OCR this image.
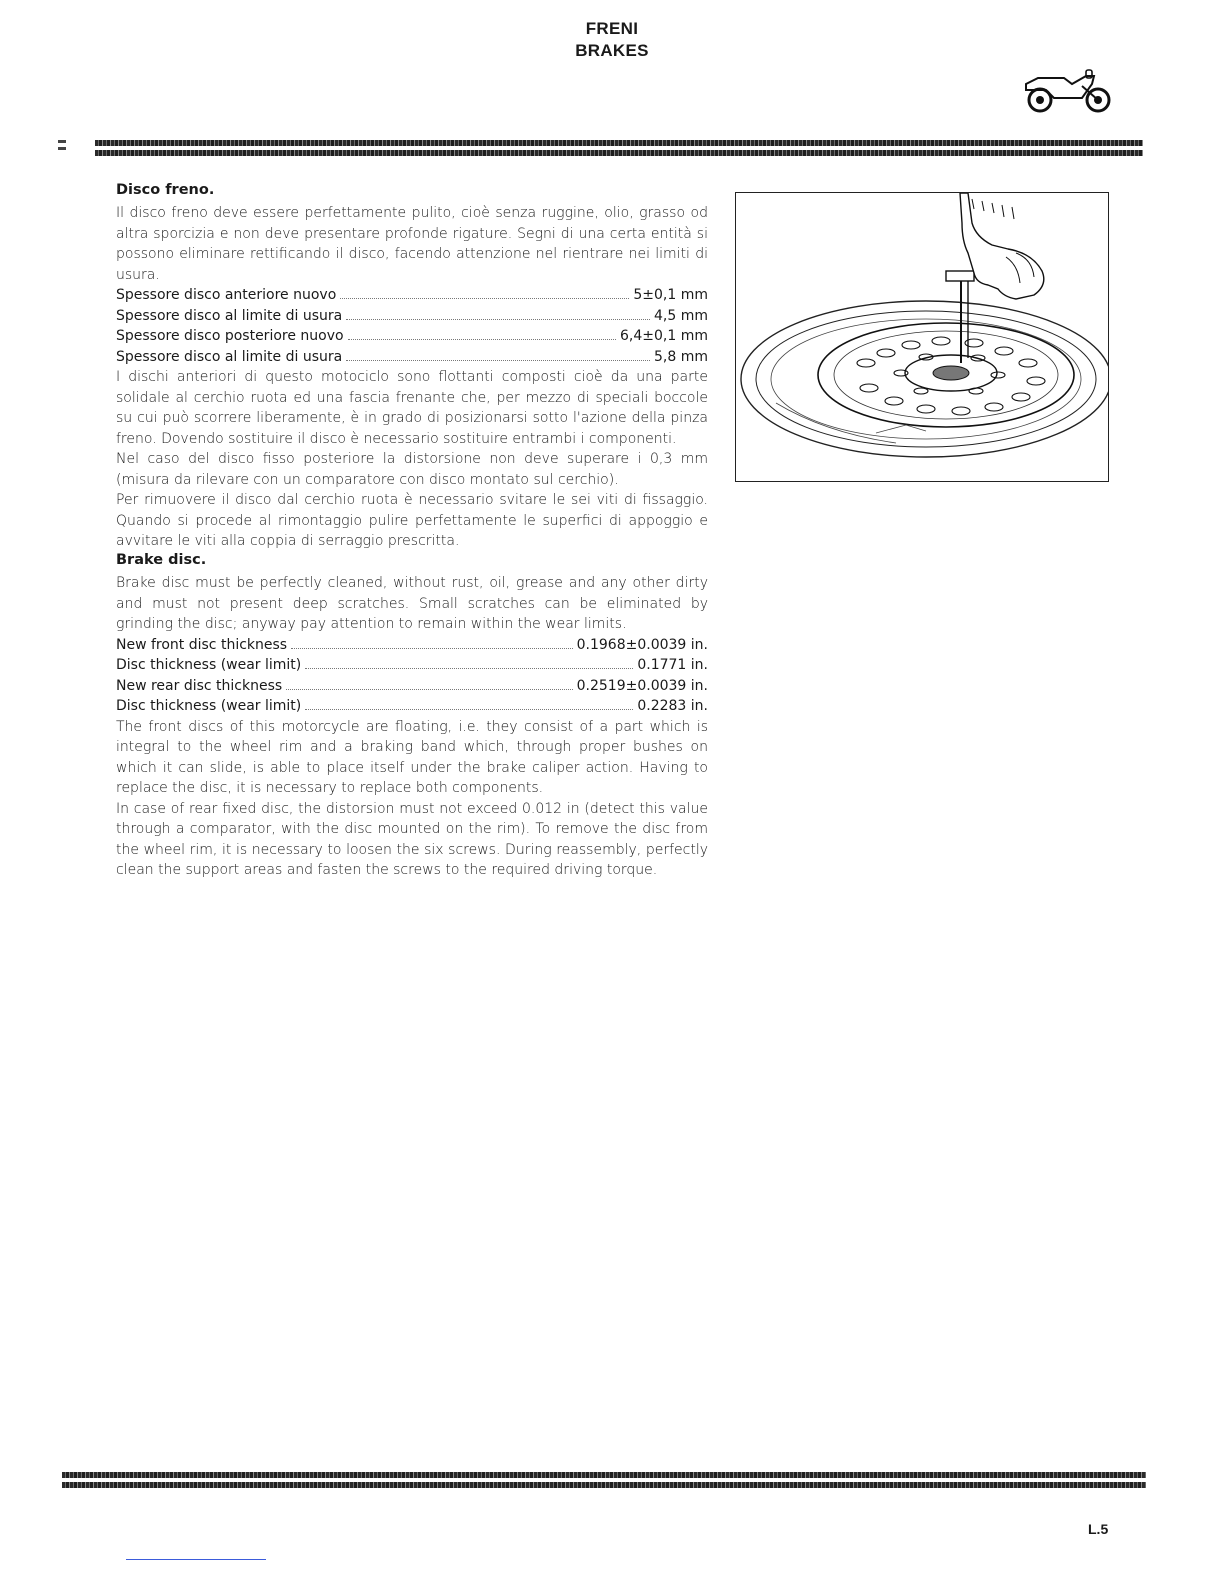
FRENI
BRAKES
Disco freno.

Il disco freno deve essere perfettamente pulito, cioè senza ruggine, olio, grasso od altra sporcizia e non deve presentare profonde rigature. Segni di una certa entità si possono eliminare rettificando il disco, facendo attenzione nel rientrare nei limiti di usura.

Spessore disco anteriore nuovo	5±0,1 mm
Spessore disco al limite di usura	4,5 mm
Spessore disco posteriore nuovo	6,4±0,1 mm
Spessore disco al limite di usura	5,8 mm

I dischi anteriori di questo motociclo sono flottanti composti cioè da una parte solidale al cerchio ruota ed una fascia frenante che, per mezzo di speciali boccole su cui può scorrere liberamente, è in grado di posizionarsi sotto l'azione della pinza freno. Dovendo sostituire il disco è necessario sostituire entrambi i componenti.

Nel caso del disco fisso posteriore la distorsione non deve superare i 0,3 mm (misura da rilevare con un comparatore con disco montato sul cerchio).

Per rimuovere il disco dal cerchio ruota è necessario svitare le sei viti di fissaggio. Quando si procede al rimontaggio pulire perfettamente le superfici di appoggio e avvitare le viti alla coppia di serraggio prescritta.

Brake disc.

Brake disc must be perfectly cleaned, without rust, oil, grease and any other dirty and must not present deep scratches. Small scratches can be eliminated by grinding the disc; anyway pay attention to remain within the wear limits.

New front disc thickness	0.1968±0.0039 in.
Disc thickness (wear limit)	0.1771 in.
New rear disc thickness	0.2519±0.0039 in.
Disc thickness (wear limit)	0.2283 in.

The front discs of this motorcycle are floating, i.e. they consist of a part which is integral to the wheel rim and a braking band which, through proper bushes on which it can slide, is able to place itself under the brake caliper action. Having to replace the disc, it is necessary to replace both components.

In case of rear fixed disc, the distorsion must not exceed 0.012 in (detect this value through a comparator, with the disc mounted on the rim). To remove the disc from the wheel rim, it is necessary to loosen the six screws. During reassembly, perfectly clean the support areas and fasten the screws to the required driving torque.

L.5
